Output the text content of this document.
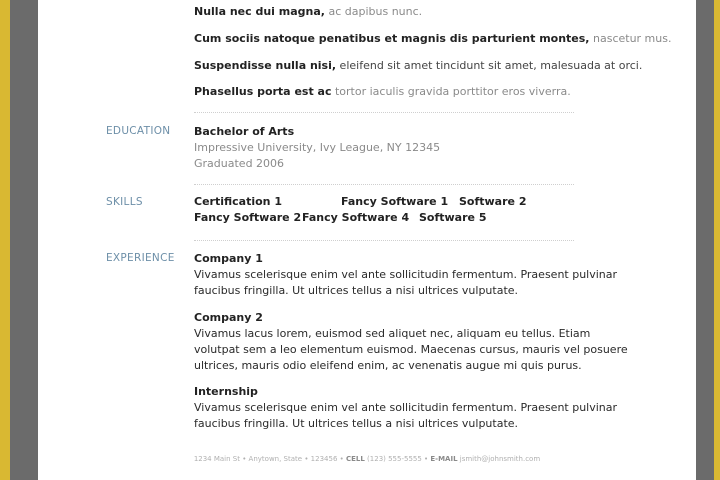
Nulla nec dui magna, ac dapibus nunc.
Cum sociis natoque penatibus et magnis dis parturient montes, nascetur mus.
Suspendisse nulla nisi, eleifend sit amet tincidunt sit amet, malesuada at orci.
Phasellus porta est ac tortor iaculis gravida porttitor eros viverra.
EDUCATION Bachelor of Arts
Impressive University, Ivy League, NY 12345
Graduated 2006
SKILLS	Certification 1	Fancy Software 1 Software 2
Fancy Software 2 Fancy Software 4 Software 5
EXPERIENCE Company 1
Vivamus scelerisque enim vel ante sollicitudin fermentum. Praesent pulvinar
faucibus fringilla. Ut ultrices tellus a nisi ultrices vulputate.
Company 2
Vivamus lacus lorem, euismod sed aliquet nec, aliquam eu tellus. Etiam
volutpat sem a leo elementum euismod. Maecenas cursus, mauris vel posuere
ultrices, mauris odio eleifend enim, ac venenatis augue mi quis purus.
Internship
Vivamus scelerisque enim vel ante sollicitudin fermentum. Praesent pulvinar
faucibus fringilla. Ut ultrices tellus a nisi ultrices vulputate.
1234 Main St • Anytown, State • 123456 • CELL (123) 555-5555 • E-MAIL jsmith@johnsmith.com
